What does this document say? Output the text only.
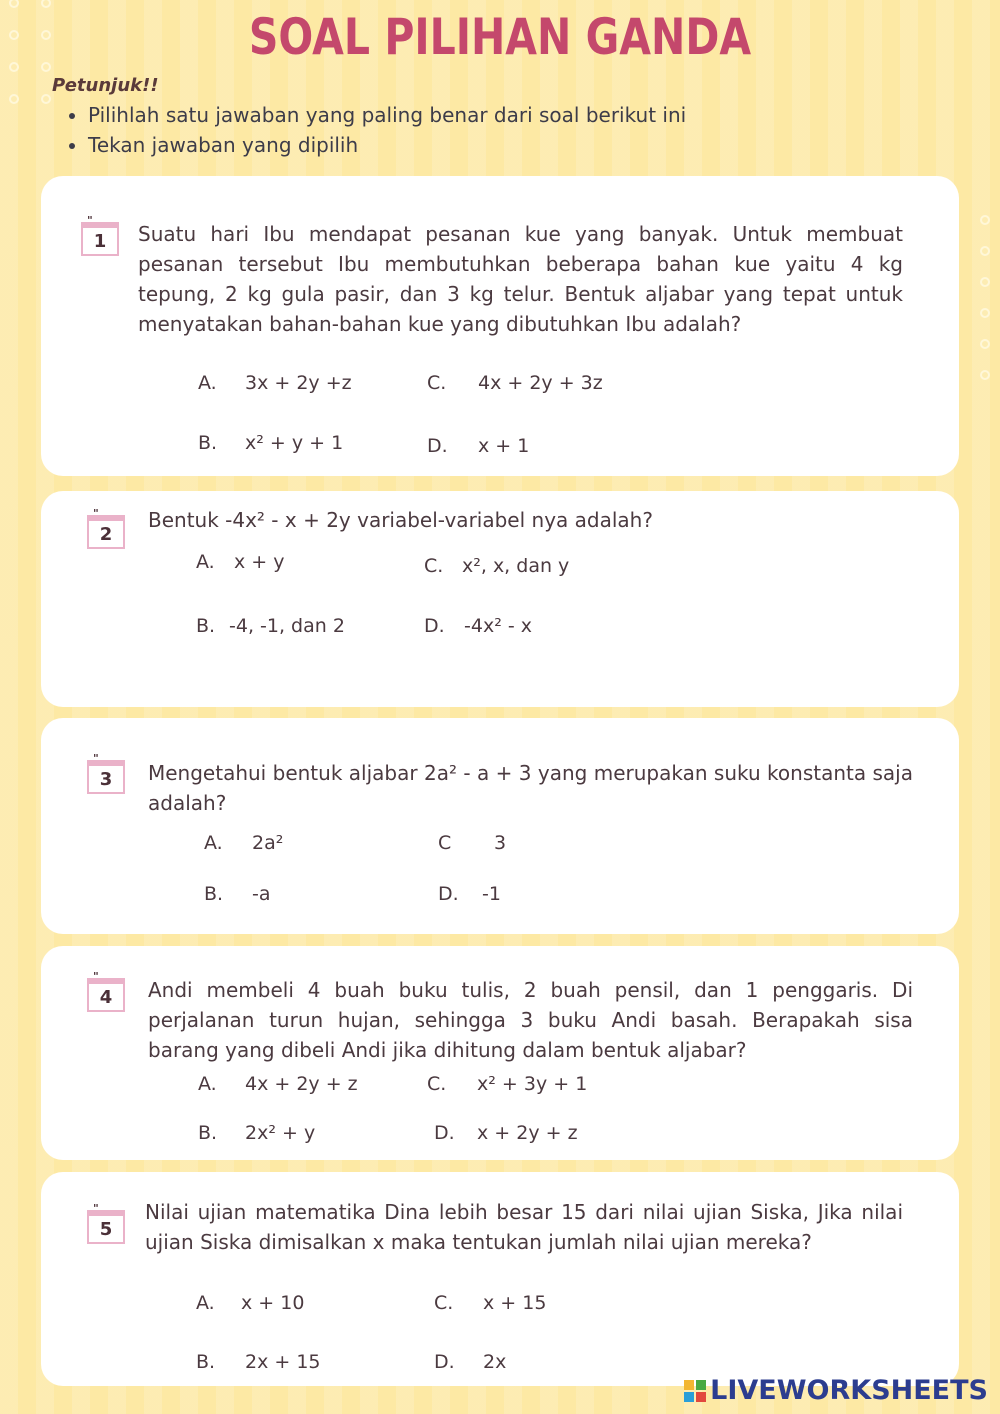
SOAL PILIHAN GANDA
Petunjuk!!
• Pilihlah satu jawaban yang paling benar dari soal berikut ini
• Tekan jawaban yang dipilih
"
1	Suatu hari Ibu mendapat pesanan kue yang banyak. Untuk membuat pesanan tersebut Ibu membutuhkan beberapa bahan kue yaitu 4 kg tepung, 2 kg gula pasir, dan 3 kg telur. Bentuk aljabar yang tepat untuk menyatakan bahan-bahan kue yang dibutuhkan Ibu adalah?

A. 3x + 2y +z	C. 4x + 2y + 3z
B. x² + y + 1	D. x + 1
"
2

Bentuk -4x² - x + 2y variabel-variabel nya adalah?

A. x + y	C. x², x, dan y
B. -4, -1, dan 2	D. -4x² - x
"
3	Mengetahui bentuk aljabar 2a² - a + 3 yang merupakan suku konstanta saja adalah?

A. 2a²	C 3
B. -a	D. -1
"
4	Andi membeli 4 buah buku tulis, 2 buah pensil, dan 1 penggaris. Di perjalanan turun hujan, sehingga 3 buku Andi basah. Berapakah sisa barang yang dibeli Andi jika dihitung dalam bentuk aljabar?

A. 4x + 2y + z	C. x² + 3y + 1
B. 2x² + y	D. x + 2y + z
"
5

Nilai ujian matematika Dina lebih besar 15 dari nilai ujian Siska, Jika nilai ujian Siska dimisalkan x maka tentukan jumlah nilai ujian mereka?

A. x + 10	C. x + 15
B. 2x + 15	D. 2x
LIVEWORKSHEETS
